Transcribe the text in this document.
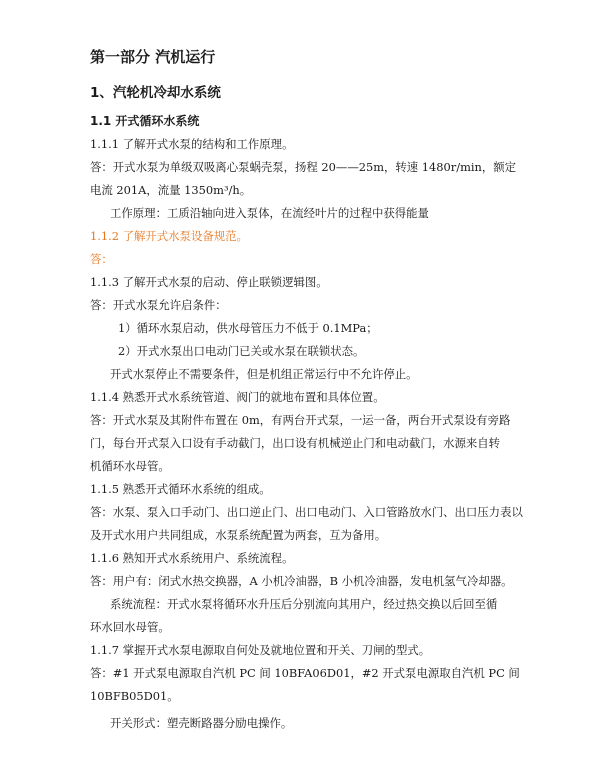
第一部分 汽机运行
1、汽轮机冷却水系统
1.1 开式循环水系统
1.1.1 了解开式水泵的结构和工作原理。
答：开式水泵为单级双吸离心泵蜗壳泵，扬程 20——25m，转速 1480r/min，额定
电流 201A，流量 1350m³/h。
工作原理：工质沿轴向进入泵体，在流经叶片的过程中获得能量
1.1.2 了解开式水泵设备规范。
答：
1.1.3 了解开式水泵的启动、停止联锁逻辑图。
答：开式水泵允许启条件：
1）循环水泵启动，供水母管压力不低于 0.1MPa；
2）开式水泵出口电动门已关或水泵在联锁状态。
开式水泵停止不需要条件，但是机组正常运行中不允许停止。
1.1.4 熟悉开式水系统管道、阀门的就地布置和具体位置。
答：开式水泵及其附件布置在 0m，有两台开式泵，一运一备，两台开式泵设有旁路
门，每台开式泵入口设有手动截门，出口设有机械逆止门和电动截门，水源来自转
机循环水母管。
1.1.5 熟悉开式循环水系统的组成。
答：水泵、泵入口手动门、出口逆止门、出口电动门、入口管路放水门、出口压力表以
及开式水用户共同组成，水泵系统配置为两套，互为备用。
1.1.6 熟知开式水系统用户、系统流程。
答：用户有：闭式水热交换器，A 小机冷油器，B 小机冷油器，发电机氢气冷却器。
系统流程：开式水泵将循环水升压后分别流向其用户，经过热交换以后回至循
环水回水母管。
1.1.7 掌握开式水泵电源取自何处及就地位置和开关、刀闸的型式。
答：#1 开式泵电源取自汽机 PC 间 10BFA06D01，#2 开式泵电源取自汽机 PC 间
10BFB05D01。
开关形式：塑壳断路器分励电操作。
